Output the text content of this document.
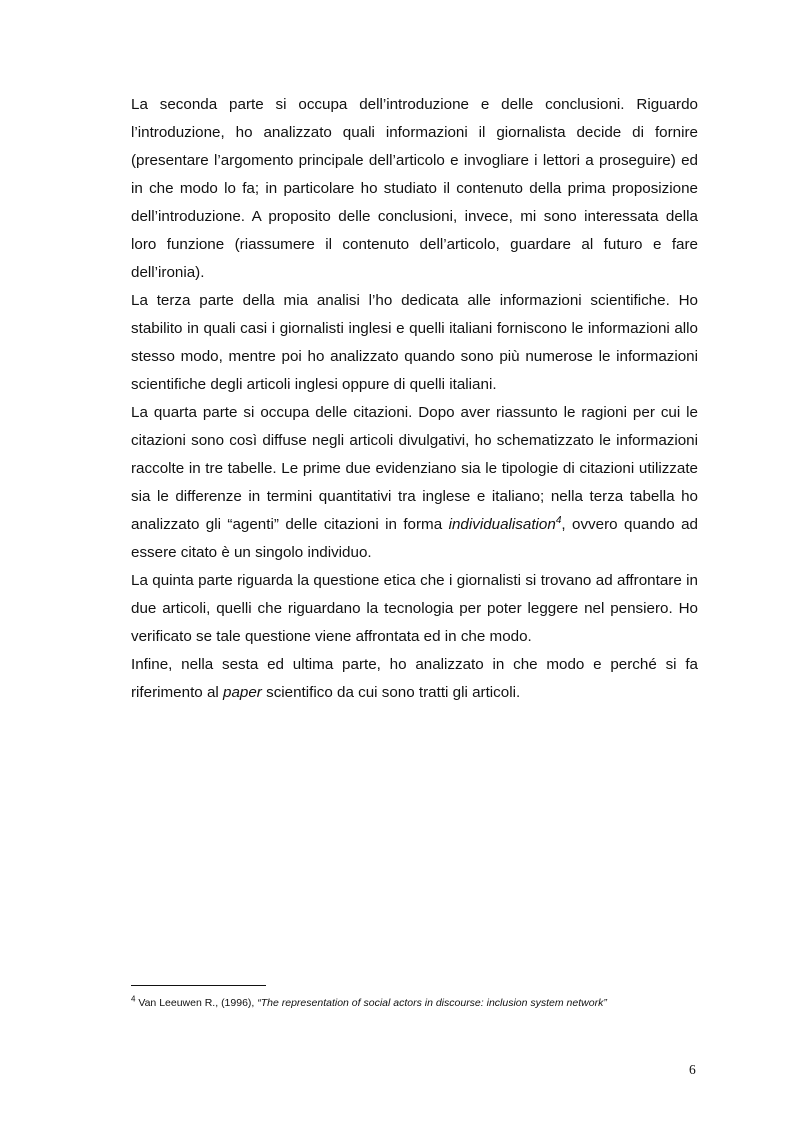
La seconda parte si occupa dell’introduzione e delle conclusioni. Riguardo l’introduzione, ho analizzato quali informazioni il giornalista decide di fornire (presentare l’argomento principale dell’articolo e invogliare i lettori a proseguire) ed in che modo lo fa; in particolare ho studiato il contenuto della prima proposizione dell’introduzione. A proposito delle conclusioni, invece, mi sono interessata della loro funzione (riassumere il contenuto dell’articolo, guardare al futuro e fare dell’ironia).

La terza parte della mia analisi l’ho dedicata alle informazioni scientifiche. Ho stabilito in quali casi i giornalisti inglesi e quelli italiani forniscono le informazioni allo stesso modo, mentre poi ho analizzato quando sono più numerose le informazioni scientifiche degli articoli inglesi oppure di quelli italiani.

La quarta parte si occupa delle citazioni. Dopo aver riassunto le ragioni per cui le citazioni sono così diffuse negli articoli divulgativi, ho schematizzato le informazioni raccolte in tre tabelle. Le prime due evidenziano sia le tipologie di citazioni utilizzate sia le differenze in termini quantitativi tra inglese e italiano; nella terza tabella ho analizzato gli “agenti” delle citazioni in forma individualisation$^4$, ovvero quando ad essere citato è un singolo individuo.

La quinta parte riguarda la questione etica che i giornalisti si trovano ad affrontare in due articoli, quelli che riguardano la tecnologia per poter leggere nel pensiero. Ho verificato se tale questione viene affrontata ed in che modo.

Infine, nella sesta ed ultima parte, ho analizzato in che modo e perché si fa riferimento al paper scientifico da cui sono tratti gli articoli.

$^4$ Van Leeuwen R., (1996), “The representation of social actors in discourse: inclusion system network”
6
